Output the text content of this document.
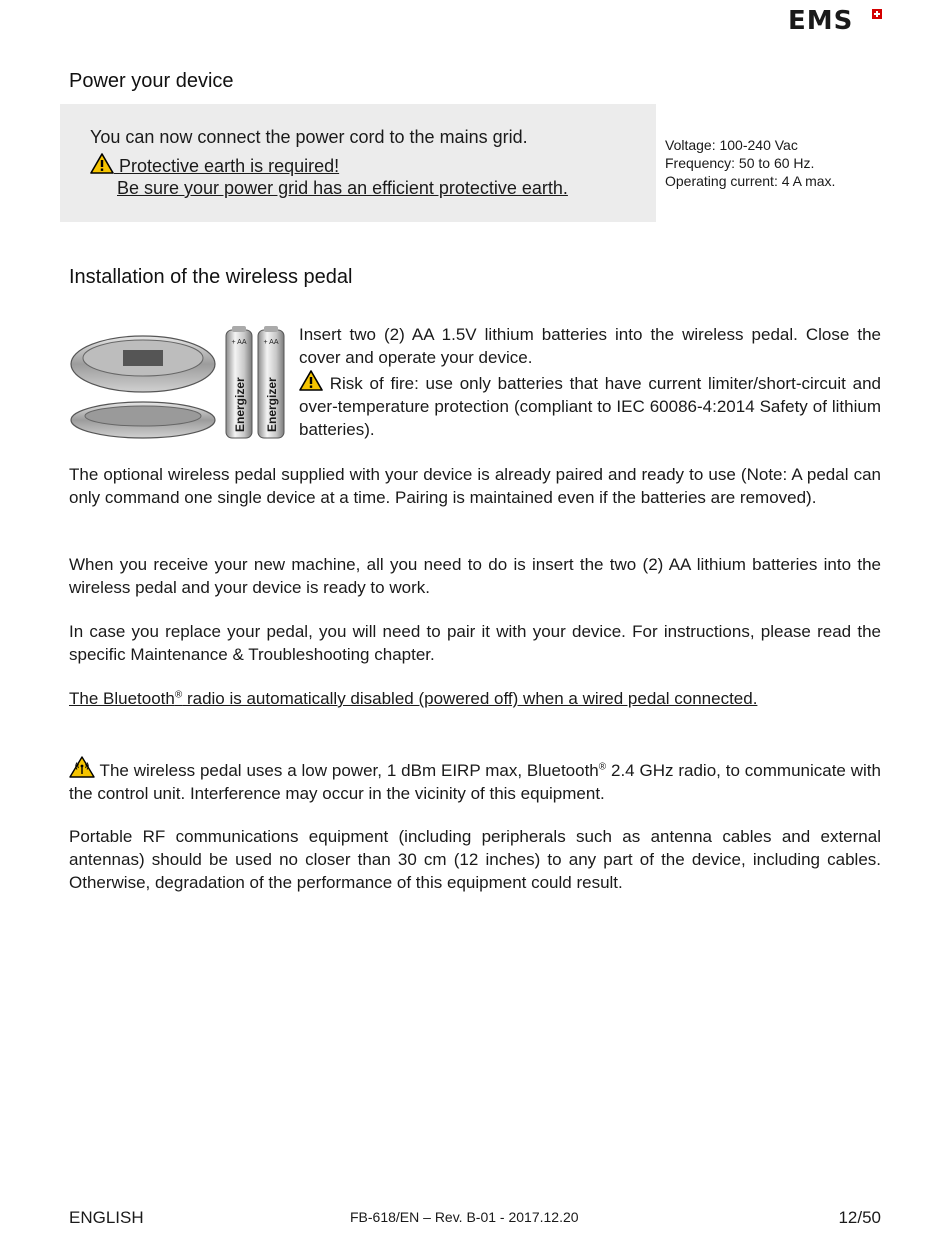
EMS
Power your device
You can now connect the power cord to the mains grid.
Protective earth is required!
Be sure your power grid has an efficient protective earth.
Voltage: 100-240 Vac
Frequency: 50 to 60 Hz.
Operating current: 4 A max.
Installation of the wireless pedal
+ AA
Energizer
+ AA
Energizer
Insert two (2) AA 1.5V lithium batteries into the wireless pedal. Close the cover and operate your device.
Risk of fire: use only batteries that have current limiter/short-circuit and over-temperature protection (compliant to IEC 60086-4:2014 Safety of lithium batteries).
The optional wireless pedal supplied with your device is already paired and ready to use (Note: A pedal can only command one single device at a time. Pairing is maintained even if the batteries are removed).
When you receive your new machine, all you need to do is insert the two (2) AA lithium batteries into the wireless pedal and your device is ready to work.
In case you replace your pedal, you will need to pair it with your device. For instructions, please read the specific Maintenance & Troubleshooting chapter.
The Bluetooth® radio is automatically disabled (powered off) when a wired pedal connected.
The wireless pedal uses a low power, 1 dBm EIRP max, Bluetooth® 2.4 GHz radio, to communicate with the control unit. Interference may occur in the vicinity of this equipment.
Portable RF communications equipment (including peripherals such as antenna cables and external antennas) should be used no closer than 30 cm (12 inches) to any part of the device, including cables. Otherwise, degradation of the performance of this equipment could result.
ENGLISH	FB-618/EN – Rev. B-01 - 2017.12.20	12/50
